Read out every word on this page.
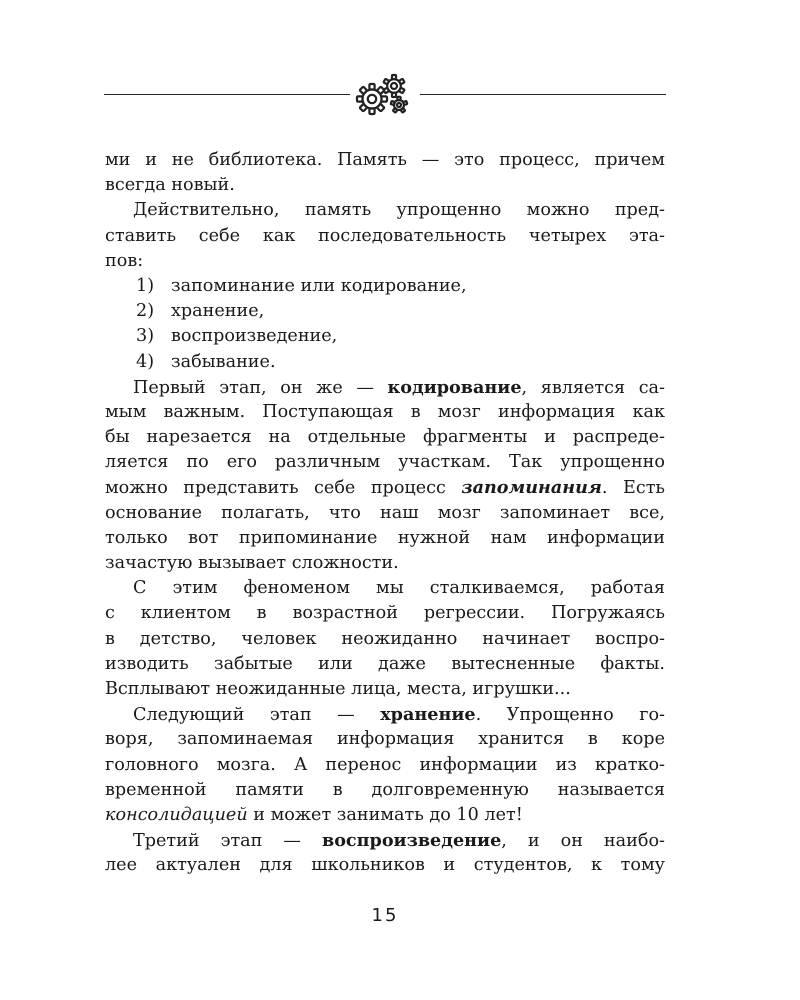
ми и не библиотека. Память — это процесс, причем
всегда новый.
Действительно, память упрощенно можно пред-
ставить себе как последовательность четырех эта-
пов:
1) запоминание или кодирование,
2) хранение,
3) воспроизведение,
4) забывание.
Первый этап, он же — кодирование, является са-
мым важным. Поступающая в мозг информация как
бы нарезается на отдельные фрагменты и распреде-
ляется по его различным участкам. Так упрощенно
можно представить себе процесс запоминания. Есть
основание полагать, что наш мозг запоминает все,
только вот припоминание нужной нам информации
зачастую вызывает сложности.
С этим феноменом мы сталкиваемся, работая
с клиентом в возрастной регрессии. Погружаясь
в детство, человек неожиданно начинает воспро-
изводить забытые или даже вытесненные факты.
Всплывают неожиданные лица, места, игрушки...
Следующий этап — хранение. Упрощенно го-
воря, запоминаемая информация хранится в коре
головного мозга. А перенос информации из кратко-
временной памяти в долговременную называется
консолидацией и может занимать до 10 лет!
Третий этап — воспроизведение, и он наибо-
лее актуален для школьников и студентов, к тому
15
